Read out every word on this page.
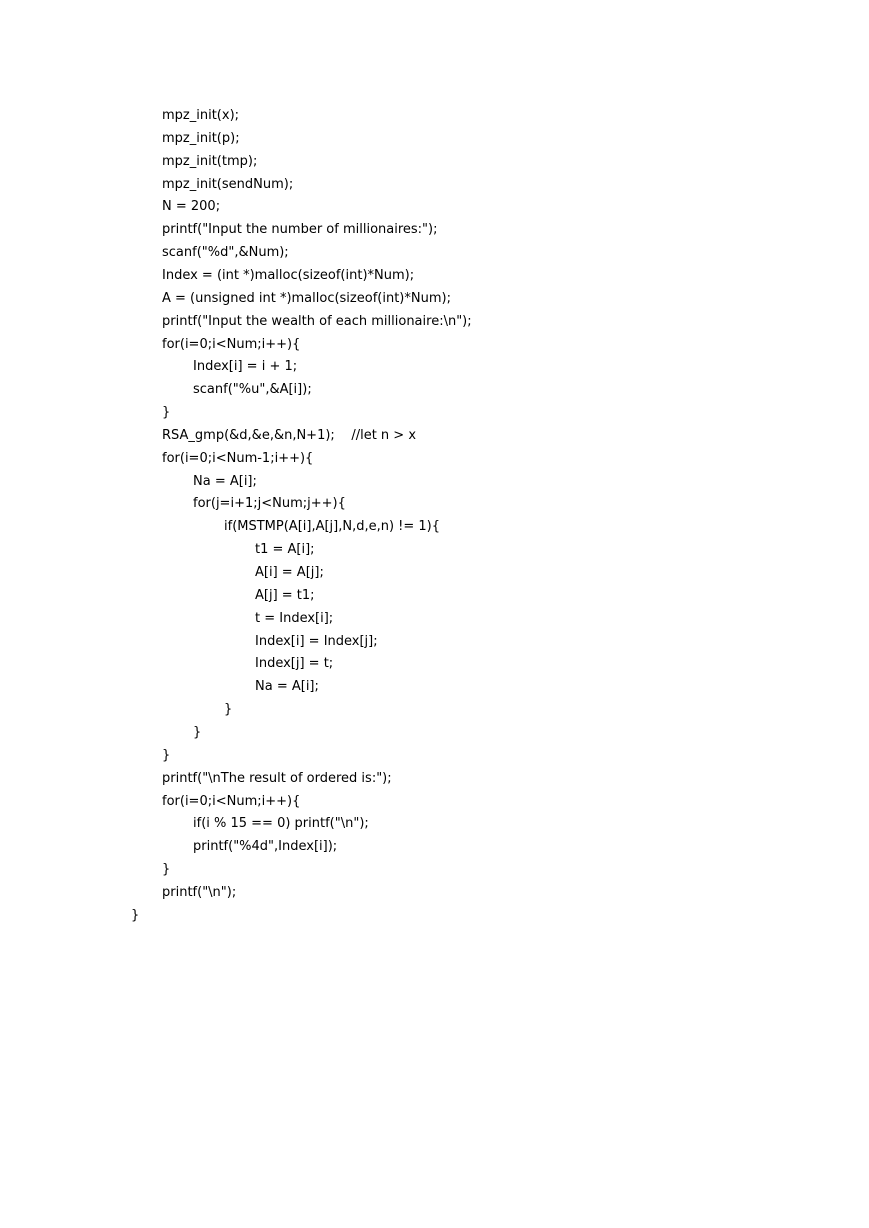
mpz_init(x);
mpz_init(p);
mpz_init(tmp);
mpz_init(sendNum);
N = 200;
printf("Input the number of millionaires:");
scanf("%d",&Num);
Index = (int *)malloc(sizeof(int)*Num);
A = (unsigned int *)malloc(sizeof(int)*Num);
printf("Input the wealth of each millionaire:\n");
for(i=0;i<Num;i++){
Index[i] = i + 1;
scanf("%u",&A[i]);
}
RSA_gmp(&d,&e,&n,N+1);    //let n > x
for(i=0;i<Num-1;i++){
Na = A[i];
for(j=i+1;j<Num;j++){
if(MSTMP(A[i],A[j],N,d,e,n) != 1){
t1 = A[i];
A[i] = A[j];
A[j] = t1;
t = Index[i];
Index[i] = Index[j];
Index[j] = t;
Na = A[i];
}
}
}
printf("\nThe result of ordered is:");
for(i=0;i<Num;i++){
if(i % 15 == 0) printf("\n");
printf("%4d",Index[i]);
}
printf("\n");
}
